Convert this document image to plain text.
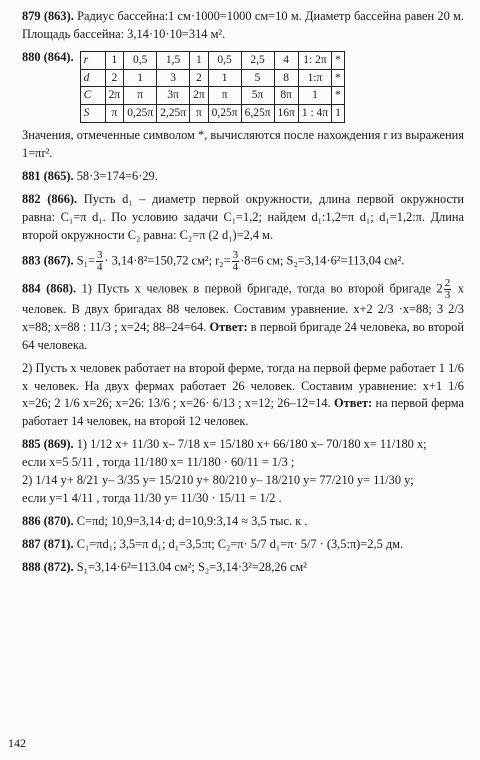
879 (863). Радиус бассейна:1 см·1000=1000 см=10 м. Диаметр бассейна равен 20 м. Площадь бассейна: 3,14·10·10=314 м².

880 (864). r	1	0,5	1,5	1	0,5	2,5	4	1: 2π	*
d	2	1	3	2	1	5	8	1:π	*
C	2π	π	3π	2π	π	5π	8π	1	*
S	π	0,25π	2,25π	π	0,25π	6,25π	16π	1 : 4π	1

Значения, отмеченные символом *, вычисляются после нахождения r из выражения 1=πr².

881 (865). 58·3=174=6·29.

882 (866). Пусть d₁ – диаметр первой окружности, длина первой окружности равна: C₁=π d₁. По условию задачи C₁=1,2; найдем d₁:1,2=π d₁; d₁=1,2:π. Длина второй окружности C₂ равна: C₂=π (2 d₁)=2,4 м.

883 (867). $S_1= \frac{3}{4} \cdot 3,14\cdot 8^2=150,72$ см²; $r_2= \frac{3}{4} \cdot 8=6$ см; S₂=3,14·6²=113,04 см².

884 (868). 1) Пусть x человек в первой бригаде, тогда во второй бригаде $2 \frac{2}{3}$ x человек. В двух бригадах 88 человек. Составим уравнение. x+2 2/3 ·x=88; 3 2/3 x=88; x=88 : 11/3 ; x=24; 88–24=64. Ответ: в первой бригаде 24 человека, во второй 64 человека.

2) Пусть x человек работает на второй ферме, тогда на первой ферме работает 1 1/6 x человек. На двух фермах работает 26 человек. Составим уравнение: x+1 1/6 x=26; 2 1/6 x=26; x=26: 13/6 ; x=26· 6/13 ; x=12; 26–12=14. Ответ: на первой ферма работает 14 человек, на второй 12 человек.

885 (869). 1) 1/12 x+ 11/30 x– 7/18 x= 15/180 x+ 66/180 x– 70/180 x= 11/180 x;
если x=5 5/11 , тогда 11/180 x= 11/180 · 60/11 = 1/3 ;
2) 1/14 y+ 8/21 y– 3/35 y= 15/210 y+ 80/210 y– 18/210 y= 77/210 y= 11/30 y;
если y=1 4/11 , тогда 11/30 y= 11/30 · 15/11 = 1/2 .

886 (870). C=πd; 10,9=3,14·d; d=10,9:3,14 ≈ 3,5 тыс. к .

887 (871). C₁=πd₁; 3,5=π d₁; d₁=3,5:π; C₂=π· 5/7 d₁=π· 5/7 · (3,5:π)=2,5 дм.

888 (872). S₁=3,14·6²=113.04 см²; S₂=3,14·3²=28,26 см²

142
